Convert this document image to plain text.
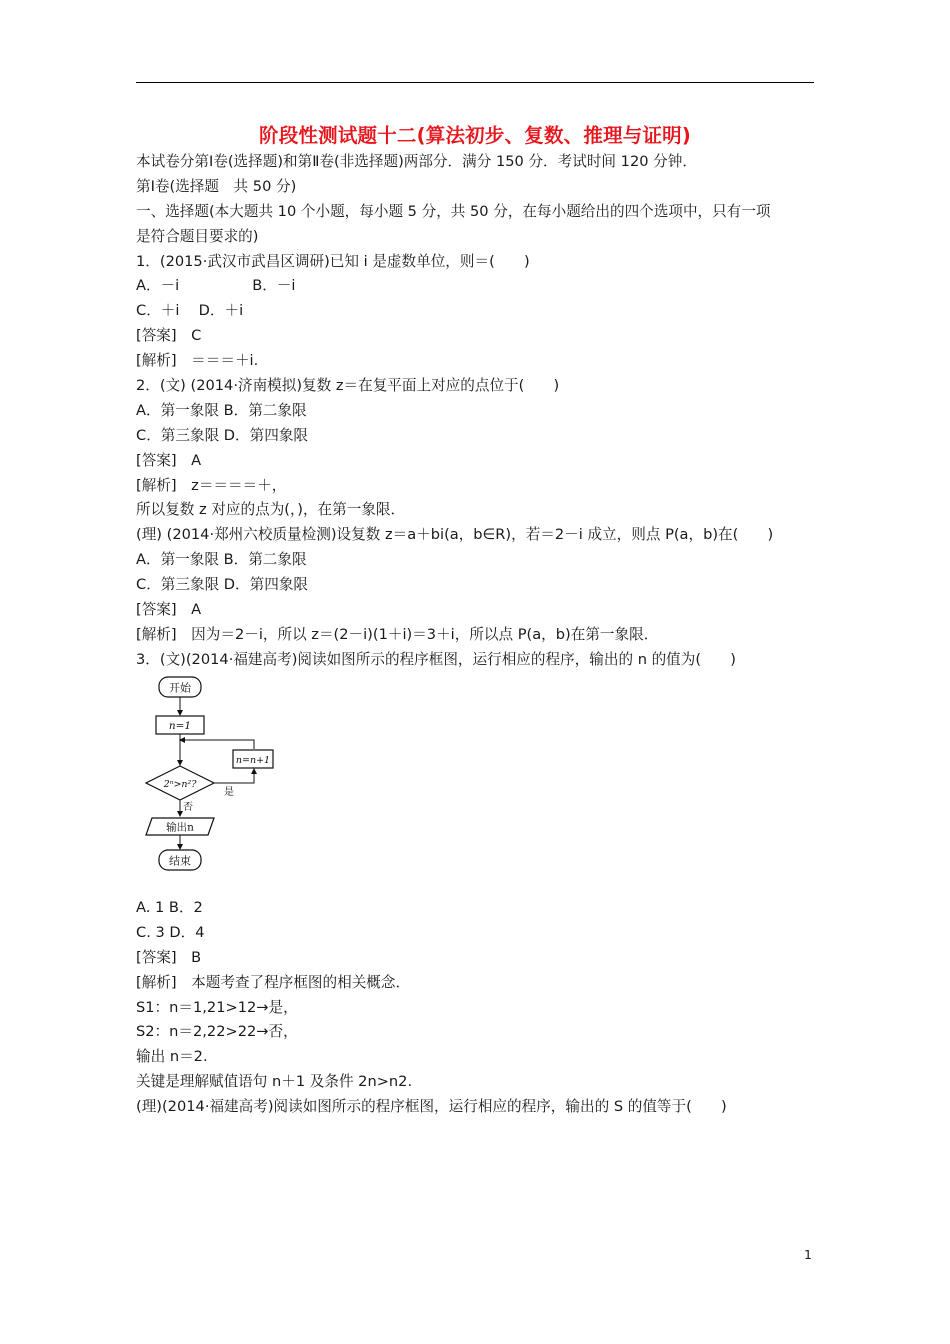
阶段性测试题十二(算法初步、复数、推理与证明)
本试卷分第Ⅰ卷(选择题)和第Ⅱ卷(非选择题)两部分．满分 150 分．考试时间 120 分钟．
第Ⅰ卷(选择题　共 50 分)
一、选择题(本大题共 10 个小题，每小题 5 分，共 50 分，在每小题给出的四个选项中，只有一项
是符合题目要求的)
1．(2015·武汉市武昌区调研)已知 i 是虚数单位，则＝(　　)
A．－i　　　　　B．－i
C．＋i　 D．＋i
[答案]　C
[解析]　＝＝＝＋i.
2．(文) (2014·济南模拟)复数 z＝在复平面上对应的点位于(　　)
A．第一象限 B．第二象限
C．第三象限 D．第四象限
[答案]　A
[解析]　z＝＝＝＝＋，
所以复数 z 对应的点为(，)，在第一象限．
(理) (2014·郑州六校质量检测)设复数 z＝a＋bi(a，b∈R)，若＝2－i 成立，则点 P(a，b)在(　　)
A．第一象限 B．第二象限
C．第三象限 D．第四象限
[答案]　A
[解析]　因为＝2－i，所以 z＝(2－i)(1＋i)＝3＋i，所以点 P(a，b)在第一象限．
3．(文)(2014·福建高考)阅读如图所示的程序框图，运行相应的程序，输出的 n 的值为(　　)
开始
n=1
n=n+1
2ⁿ>n²?
是
否
输出n
结束
A. 1 B．2
C. 3 D．4
[答案]　B
[解析]　本题考查了程序框图的相关概念．
S1：n＝1,21>12→是，
S2：n＝2,22>22→否，
输出 n＝2.
关键是理解赋值语句 n＋1 及条件 2n>n2.
(理)(2014·福建高考)阅读如图所示的程序框图，运行相应的程序，输出的 S 的值等于(　　)
1
